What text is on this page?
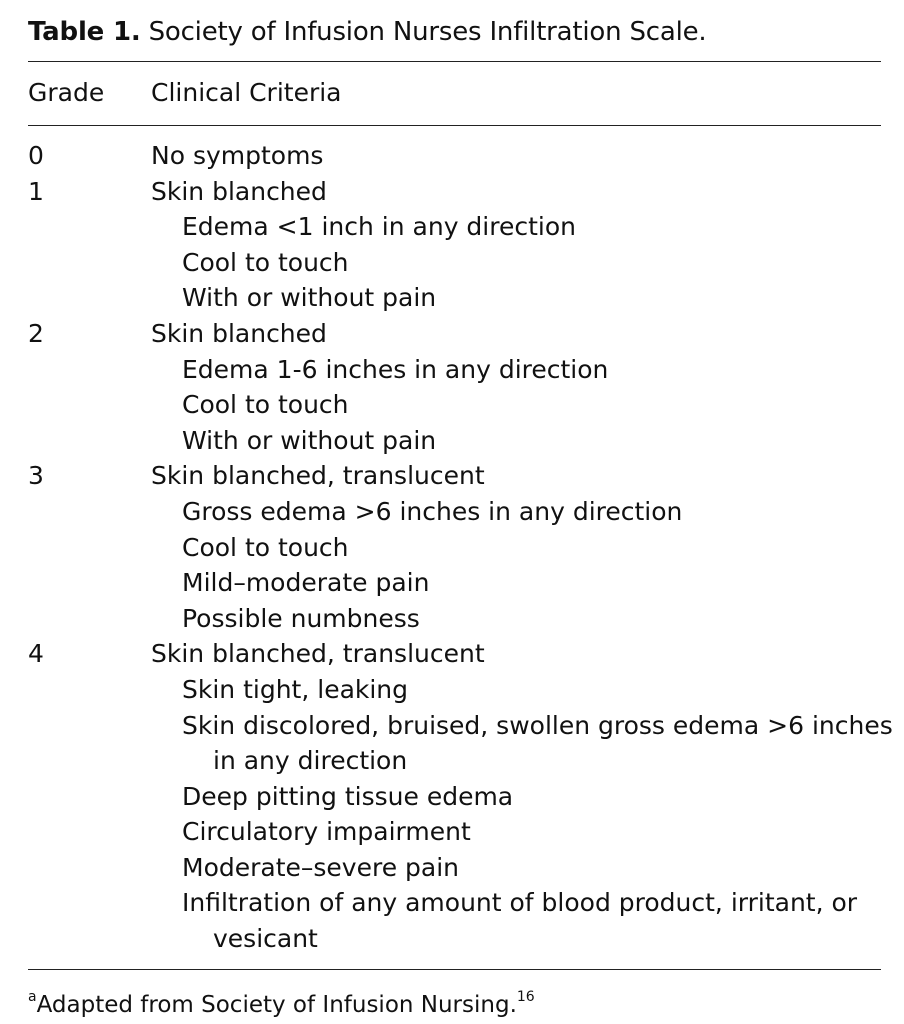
Table 1. Society of Infusion Nurses Infiltration Scale.
Grade Clinical Criteria
0	No symptoms
1	Skin blanched
Edema <1 inch in any direction
Cool to touch
With or without pain
2	Skin blanched
Edema 1-6 inches in any direction
Cool to touch
With or without pain
3	Skin blanched, translucent
Gross edema >6 inches in any direction
Cool to touch
Mild–moderate pain
Possible numbness
4	Skin blanched, translucent
Skin tight, leaking
Skin discolored, bruised, swollen gross edema >6 inches
in any direction
Deep pitting tissue edema
Circulatory impairment
Moderate–severe pain
Infiltration of any amount of blood product, irritant, or
vesicant
$^a$Adapted from Society of Infusion Nursing.$^{16}$
